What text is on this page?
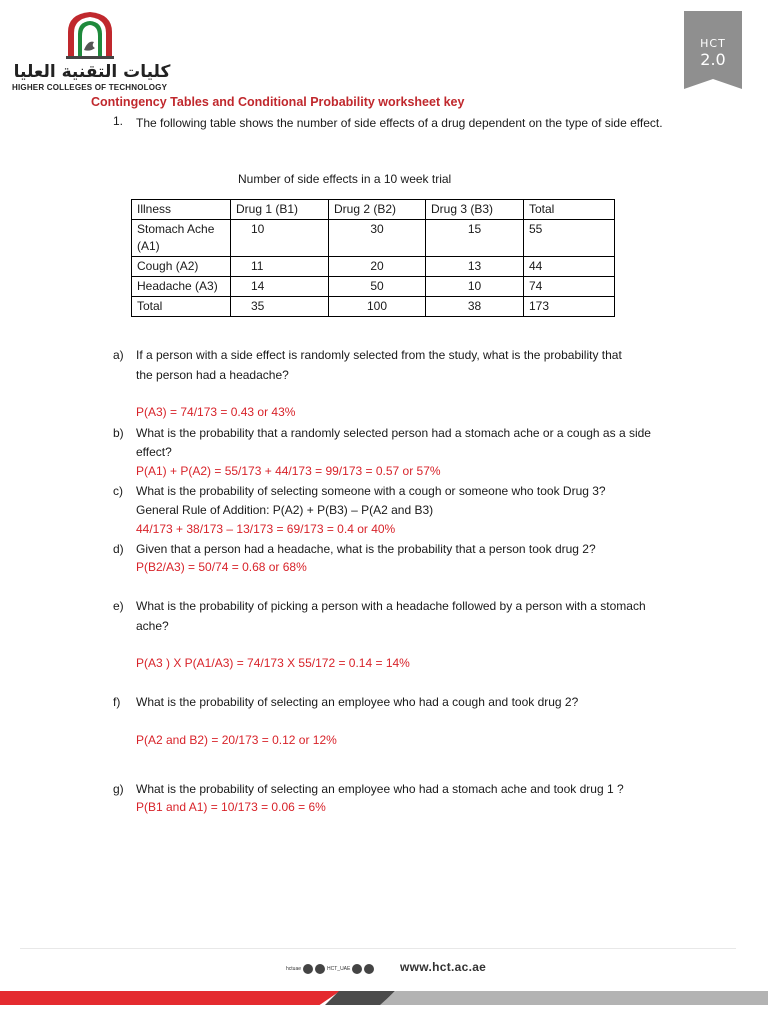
كليات التقنية العليا
HIGHER COLLEGES OF TECHNOLOGY
HCT
2.0
Contingency Tables and Conditional Probability worksheet key
1. The following table shows the number of side effects of a drug dependent on the type of side effect.
Number of side effects in a 10 week trial
Illness	Drug 1 (B1)	Drug 2 (B2)	Drug 3 (B3)	Total
Stomach Ache (A1)	10	30	15	55
Cough (A2)	11	20	13	44
Headache (A3)	14	50	10	74
Total	35	100	38	173
a) If a person with a side effect is randomly selected from the study, what is the probability that
the person had a headache?
P(A3) = 74/173 = 0.43 or 43%
b) What is the probability that a randomly selected person had a stomach ache or a cough as a side
effect?
P(A1) + P(A2) = 55/173 + 44/173 = 99/173 = 0.57 or 57%
c) What is the probability of selecting someone with a cough or someone who took Drug 3?
General Rule of Addition: P(A2) + P(B3) – P(A2 and B3)
44/173 + 38/173 – 13/173 = 69/173 = 0.4 or 40%
d) Given that a person had a headache, what is the probability that a person took drug 2?
P(B2/A3) = 50/74 = 0.68 or 68%
e) What is the probability of picking a person with a headache followed by a person with a stomach
ache?
P(A3 ) X P(A1/A3) = 74/173 X 55/172 = 0.14 = 14%
f) What is the probability of selecting an employee who had a cough and took drug 2?
P(A2 and B2) = 20/173 = 0.12 or 12%
g) What is the probability of selecting an employee who had a stomach ache and took drug 1 ?
P(B1 and A1) = 10/173 = 0.06 = 6%
hctuae	HCT_UAE	www.hct.ac.ae
